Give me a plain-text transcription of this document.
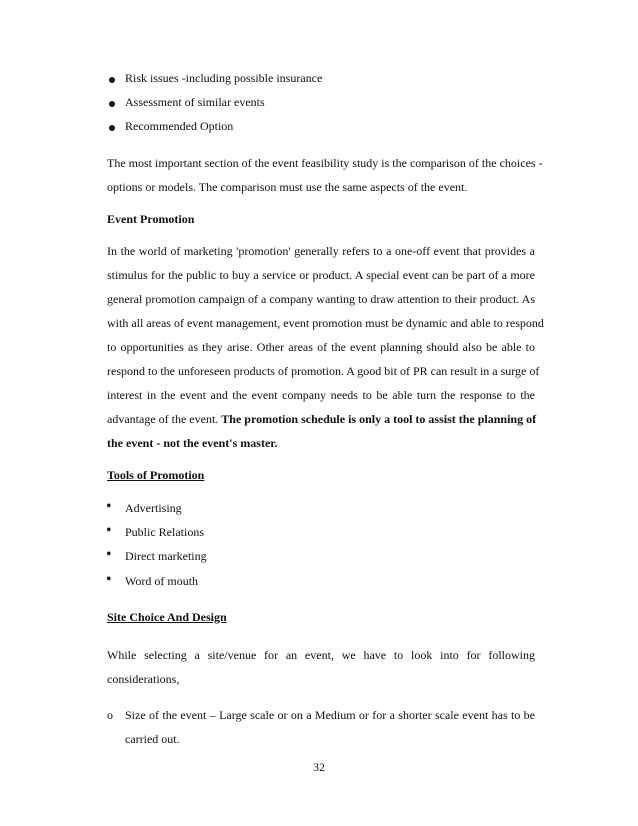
Risk issues -including possible insurance
Assessment of similar events
Recommended Option
The most important section of the event feasibility study is the comparison of the choices -
options or models. The comparison must use the same aspects of the event.
Event Promotion
In the world of marketing 'promotion' generally refers to a one-off event that provides a
stimulus for the public to buy a service or product. A special event can be part of a more
general promotion campaign of a company wanting to draw attention to their product. As
with all areas of event management, event promotion must be dynamic and able to respond
to opportunities as they arise. Other areas of the event planning should also be able to
respond to the unforeseen products of promotion. A good bit of PR can result in a surge of
interest in the event and the event company needs to be able turn the response to the
advantage of the event. The promotion schedule is only a tool to assist the planning of
the event - not the event's master.
Tools of Promotion
• Advertising
• Public Relations
• Direct marketing
• Word of mouth
Site Choice And Design
While selecting a site/venue for an event, we have to look into for following
considerations,
o Size of the event – Large scale or on a Medium or for a shorter scale event has to be
carried out.
32
